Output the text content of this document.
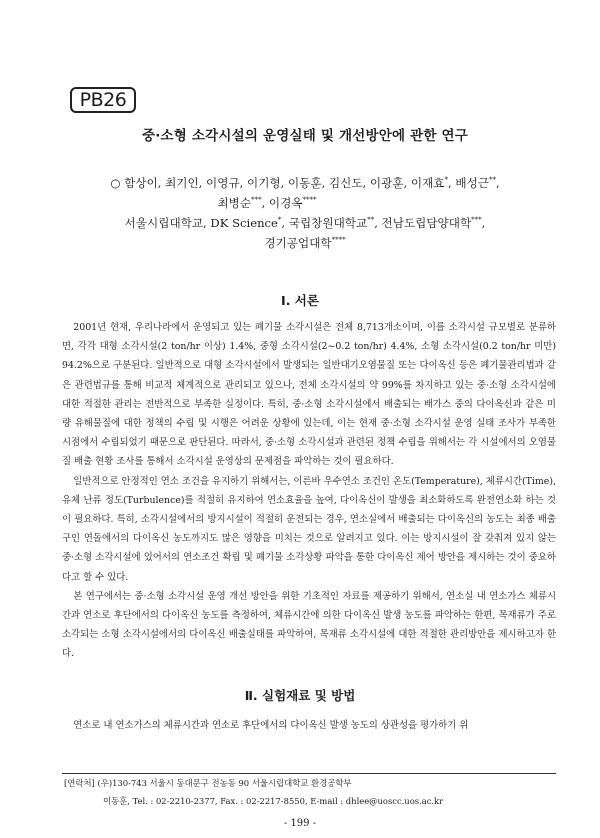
PB26
중·소형 소각시설의 운영실태 및 개선방안에 관한 연구
○ 함상이, 최기인, 이영규, 이기형, 이동훈, 김신도, 이광훈, 이재효*, 배성근**,
최병순***, 이경옥****
서울시립대학교, DK Science*, 국립창원대학교**, 전남도립담양대학***,
경기공업대학****
Ⅰ. 서론

2001년 현재, 우리나라에서 운영되고 있는 폐기물 소각시설은 전체 8,713개소이며, 이를 소각시설 규모별로 분류하면, 각각 대형 소각시설(2 ton/hr 이상) 1.4%, 중형 소각시설(2~0.2 ton/hr) 4.4%, 소형 소각시설(0.2 ton/hr 미만) 94.2%으로 구분된다. 일반적으로 대형 소각시설에서 발생되는 일반대기오염물질 또는 다이옥신 등은 폐기물관리법과 같은 관련법규를 통해 비교적 체계적으로 관리되고 있으나, 전체 소각시설의 약 99%를 차지하고 있는 중·소형 소각시설에 대한 적절한 관리는 전반적으로 부족한 실정이다. 특히, 중·소형 소각시설에서 배출되는 배가스 중의 다이옥신과 같은 미량 유해물질에 대한 정책의 수립 및 시행은 어려운 상황에 있는데, 이는 현재 중·소형 소각시설 운영 실태 조사가 부족한 시점에서 수립되었기 때문으로 판단된다. 따라서, 중·소형 소각시설과 관련된 정책 수립을 위해서는 각 시설에서의 오염물질 배출 현황 조사를 통해서 소각시설 운영상의 문제점을 파악하는 것이 필요하다.

일반적으로 안정적인 연소 조건을 유지하기 위해서는, 이른바 우수연소 조건인 온도(Temperature), 체류시간(Time), 유체 난류 정도(Turbulence)를 적절히 유지하여 연소효율을 높여, 다이옥신이 발생을 최소화하도록 완전연소화 하는 것이 필요하다. 특히, 소각시설에서의 방지시설이 적절히 운전되는 경우, 연소실에서 배출되는 다이옥신의 농도는 최종 배출구인 연돌에서의 다이옥신 농도까지도 많은 영향을 미치는 것으로 알려지고 있다. 이는 방지시설이 잘 갖춰져 있지 않는 중·소형 소각시설에 있어서의 연소조건 확립 및 폐기물 소각상황 파악을 통한 다이옥신 제어 방안을 제시하는 것이 중요하다고 할 수 있다.

본 연구에서는 중·소형 소각시설 운영 개선 방안을 위한 기초적인 자료를 제공하기 위해서, 연소실 내 연소가스 체류시간과 연소로 후단에서의 다이옥신 농도를 측정하여, 체류시간에 의한 다이옥신 발생 농도를 파악하는 한편, 목재류가 주로 소각되는 소형 소각시설에서의 다이옥신 배출실태를 파악하여, 목재류 소각시설에 대한 적절한 관리방안을 제시하고자 한다.

Ⅱ. 실험재료 및 방법

연소로 내 연소가스의 체류시간과 연소로 후단에서의 다이옥신 발생 농도의 상관성을 평가하기 위

[연락처] (우)130-743 서울시 동대문구 전농동 90 서울시립대학교 환경공학부
이동훈, Tel. : 02-2210-2377, Fax. : 02-2217-8550, E-mail : dhlee@uoscc.uos.ac.kr
- 199 -
